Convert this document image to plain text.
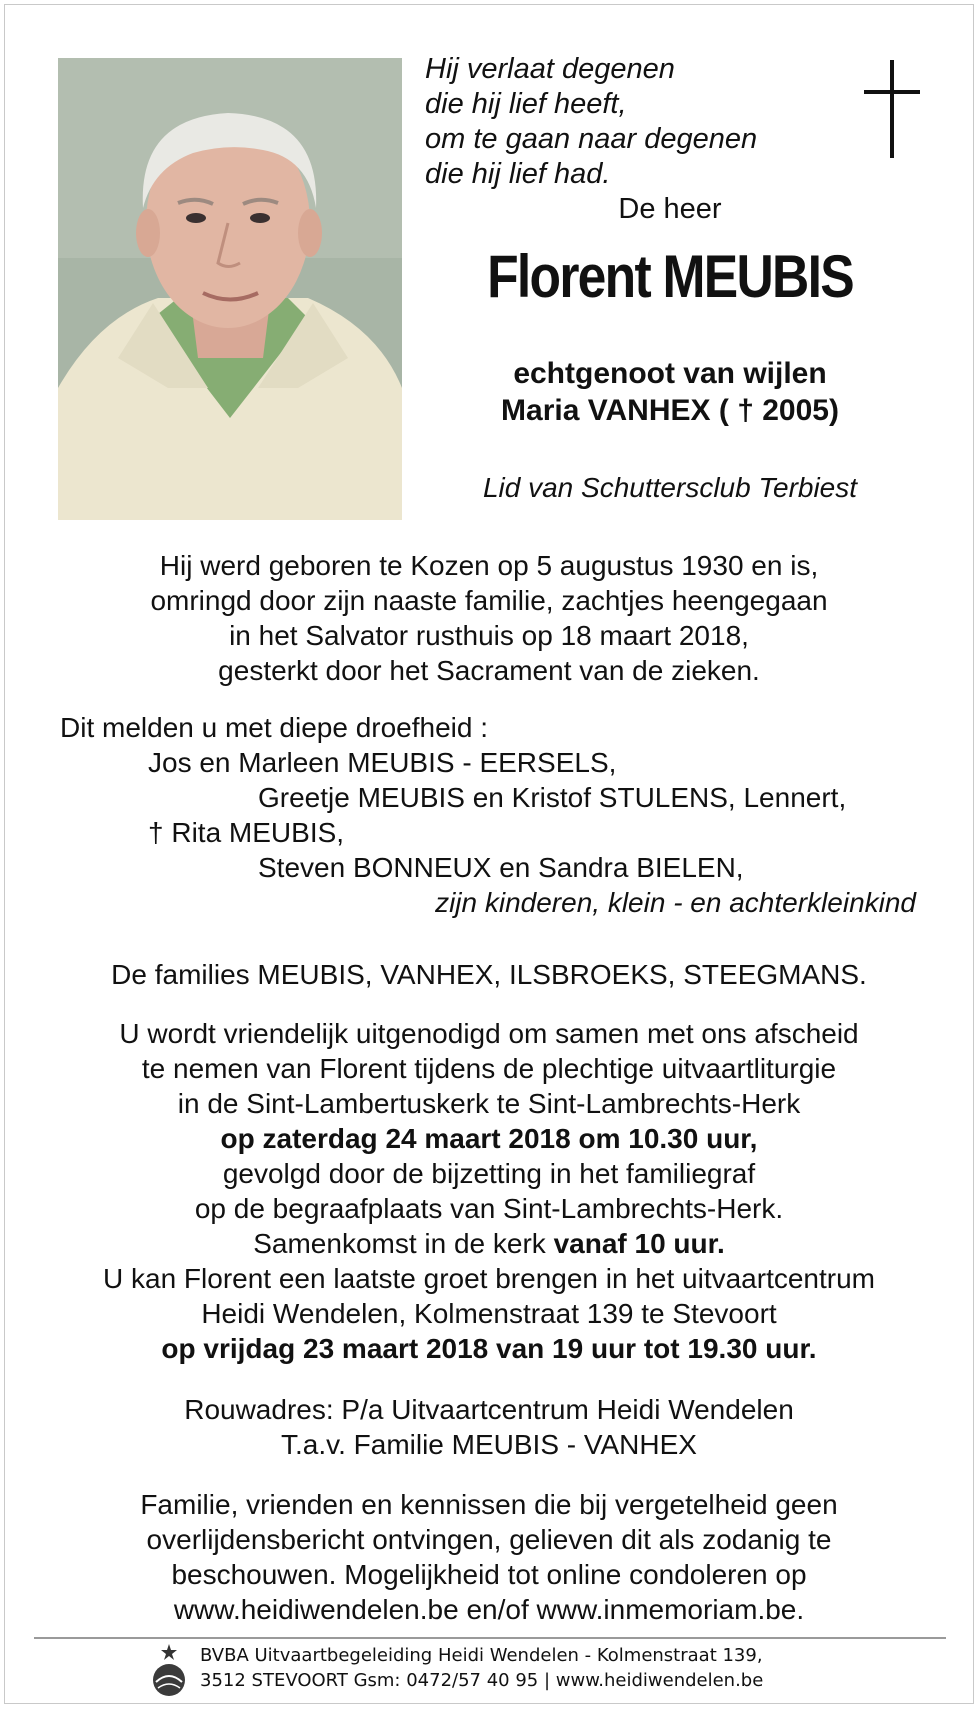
Hij verlaat degenen
die hij lief heeft,
om te gaan naar degenen
die hij lief had.
De heer
Florent MEUBIS
echtgenoot van wijlen
Maria VANHEX ( † 2005)
Lid van Schuttersclub Terbiest
Hij werd geboren te Kozen op 5 augustus 1930 en is,
omringd door zijn naaste familie, zachtjes heengegaan
in het Salvator rusthuis op 18 maart 2018,
gesterkt door het Sacrament van de zieken.
Dit melden u met diepe droefheid :
Jos en Marleen MEUBIS - EERSELS,
Greetje MEUBIS en Kristof STULENS, Lennert,
† Rita MEUBIS,
Steven BONNEUX en Sandra BIELEN,
zijn kinderen, klein - en achterkleinkind
De families MEUBIS, VANHEX, ILSBROEKS, STEEGMANS.
U wordt vriendelijk uitgenodigd om samen met ons afscheid
te nemen van Florent tijdens de plechtige uitvaartliturgie
in de Sint-Lambertuskerk te Sint-Lambrechts-Herk
op zaterdag 24 maart 2018 om 10.30 uur,
gevolgd door de bijzetting in het familiegraf
op de begraafplaats van Sint-Lambrechts-Herk.
Samenkomst in de kerk vanaf 10 uur.
U kan Florent een laatste groet brengen in het uitvaartcentrum
Heidi Wendelen, Kolmenstraat 139 te Stevoort
op vrijdag 23 maart 2018 van 19 uur tot 19.30 uur.
Rouwadres: P/a Uitvaartcentrum Heidi Wendelen
T.a.v. Familie MEUBIS - VANHEX
Familie, vrienden en kennissen die bij vergetelheid geen
overlijdensbericht ontvingen, gelieven dit als zodanig te
beschouwen. Mogelijkheid tot online condoleren op
www.heidiwendelen.be en/of www.inmemoriam.be.
BVBA Uitvaartbegeleiding Heidi Wendelen - Kolmenstraat 139,
3512 STEVOORT Gsm: 0472/57 40 95 | www.heidiwendelen.be
